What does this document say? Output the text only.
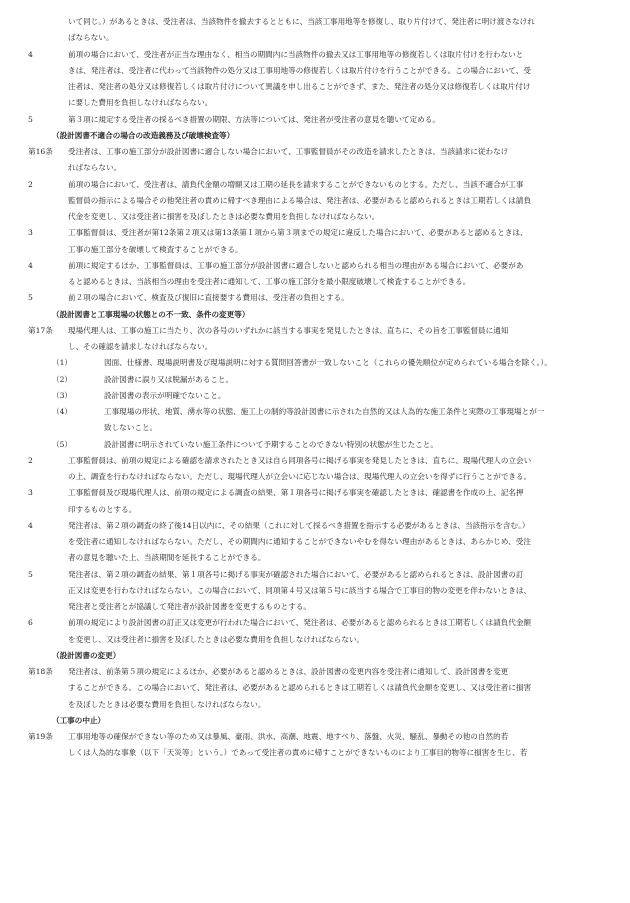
いて同じ。）があるときは、受注者は、当該物件を撤去するとともに、当該工事用地等を修復し、取り片付けて、発注者に明け渡さなけれ
ばならない。
4	前項の場合において、受注者が正当な理由なく、相当の期間内に当該物件の撤去又は工事用地等の修復若しくは取片付けを行わないと
きは、発注者は、受注者に代わって当該物件の処分又は工事用地等の修復若しくは取片付けを行うことができる。この場合において、受
注者は、発注者の処分又は修復若しくは取片付けについて異議を申し出ることができず、また、発注者の処分又は修復若しくは取片付け
に要した費用を負担しなければならない。
5	第３項に規定する受注者の採るべき措置の期限、方法等については、発注者が受注者の意見を聴いて定める。
（設計図書不適合の場合の改造義務及び破壊検査等）
第16条 受注者は、工事の施工部分が設計図書に適合しない場合において、工事監督員がその改造を請求したときは、当該請求に従わなけ
ればならない。
2	前項の場合において、受注者は、請負代金額の増額又は工期の延長を請求することができないものとする。ただし、当該不適合が工事
監督員の指示による場合その他発注者の責めに帰すべき理由による場合は、発注者は、必要があると認められるときは工期若しくは請負
代金を変更し、又は受注者に損害を及ぼしたときは必要な費用を負担しなければならない。
3	工事監督員は、受注者が第12条第２項又は第13条第１項から第３項までの規定に違反した場合において、必要があると認めるときは、
工事の施工部分を破壊して検査することができる。
4	前項に規定するほか、工事監督員は、工事の施工部分が設計図書に適合しないと認められる相当の理由がある場合において、必要があ
ると認めるときは、当該相当の理由を受注者に通知して、工事の施工部分を最小限度破壊して検査することができる。
5	前２項の場合において、検査及び復旧に直接要する費用は、受注者の負担とする。
（設計図書と工事現場の状態との不一致、条件の変更等）
第17条 現場代理人は、工事の施工に当たり、次の各号のいずれかに該当する事実を発見したときは、直ちに、その旨を工事監督員に通知
し、その確認を請求しなければならない。
（1）	図面、仕様書、現場説明書及び現場説明に対する質問回答書が一致しないこと（これらの優先順位が定められている場合を除く。）。
（2）	設計図書に誤り又は脱漏があること。
（3）	設計図書の表示が明確でないこと。
（4）	工事現場の形状、地質、湧水等の状態、施工上の制約等設計図書に示された自然的又は人為的な施工条件と実際の工事現場とが一
致しないこと。
（5）	設計図書に明示されていない施工条件について予期することのできない特別の状態が生じたこと。
2	工事監督員は、前項の規定による確認を請求されたとき又は自ら同項各号に掲げる事実を発見したときは、直ちに、現場代理人の立会い
の上、調査を行わなければならない。ただし、現場代理人が立会いに応じない場合は、現場代理人の立会いを得ずに行うことができる。
3	工事監督員及び現場代理人は、前項の規定による調査の結果、第１項各号に掲げる事実を確認したときは、確認書を作成の上、記名押
印するものとする。
4	発注者は、第２項の調査の終了後14日以内に、その結果（これに対して採るべき措置を指示する必要があるときは、当該指示を含む。）
を受注者に通知しなければならない。ただし、その期間内に通知することができないやむを得ない理由があるときは、あらかじめ、受注
者の意見を聴いた上、当該期間を延長することができる。
5	発注者は、第２項の調査の結果、第１項各号に掲げる事実が確認された場合において、必要があると認められるときは、設計図書の訂
正又は変更を行わなければならない。この場合において、同項第４号又は第５号に該当する場合で工事目的物の変更を伴わないときは、
発注者と受注者とが協議して発注者が設計図書を変更するものとする。
6	前項の規定により設計図書の訂正又は変更が行われた場合において、発注者は、必要があると認められるときは工期若しくは請負代金額
を変更し、又は受注者に損害を及ぼしたときは必要な費用を負担しなければならない。
（設計図書の変更）
第18条 発注者は、前条第５項の規定によるほか、必要があると認めるときは、設計図書の変更内容を受注者に通知して、設計図書を変更
することができる。この場合において、発注者は、必要があると認められるときは工期若しくは請負代金額を変更し、又は受注者に損害
を及ぼしたときは必要な費用を負担しなければならない。
（工事の中止）
第19条 工事用地等の確保ができない等のため又は暴風、豪雨、洪水、高潮、地震、地すべり、落盤、火災、騒乱、暴動その他の自然的若
しくは人為的な事象（以下「天災等」という。）であって受注者の責めに帰すことができないものにより工事目的物等に損害を生じ、若
